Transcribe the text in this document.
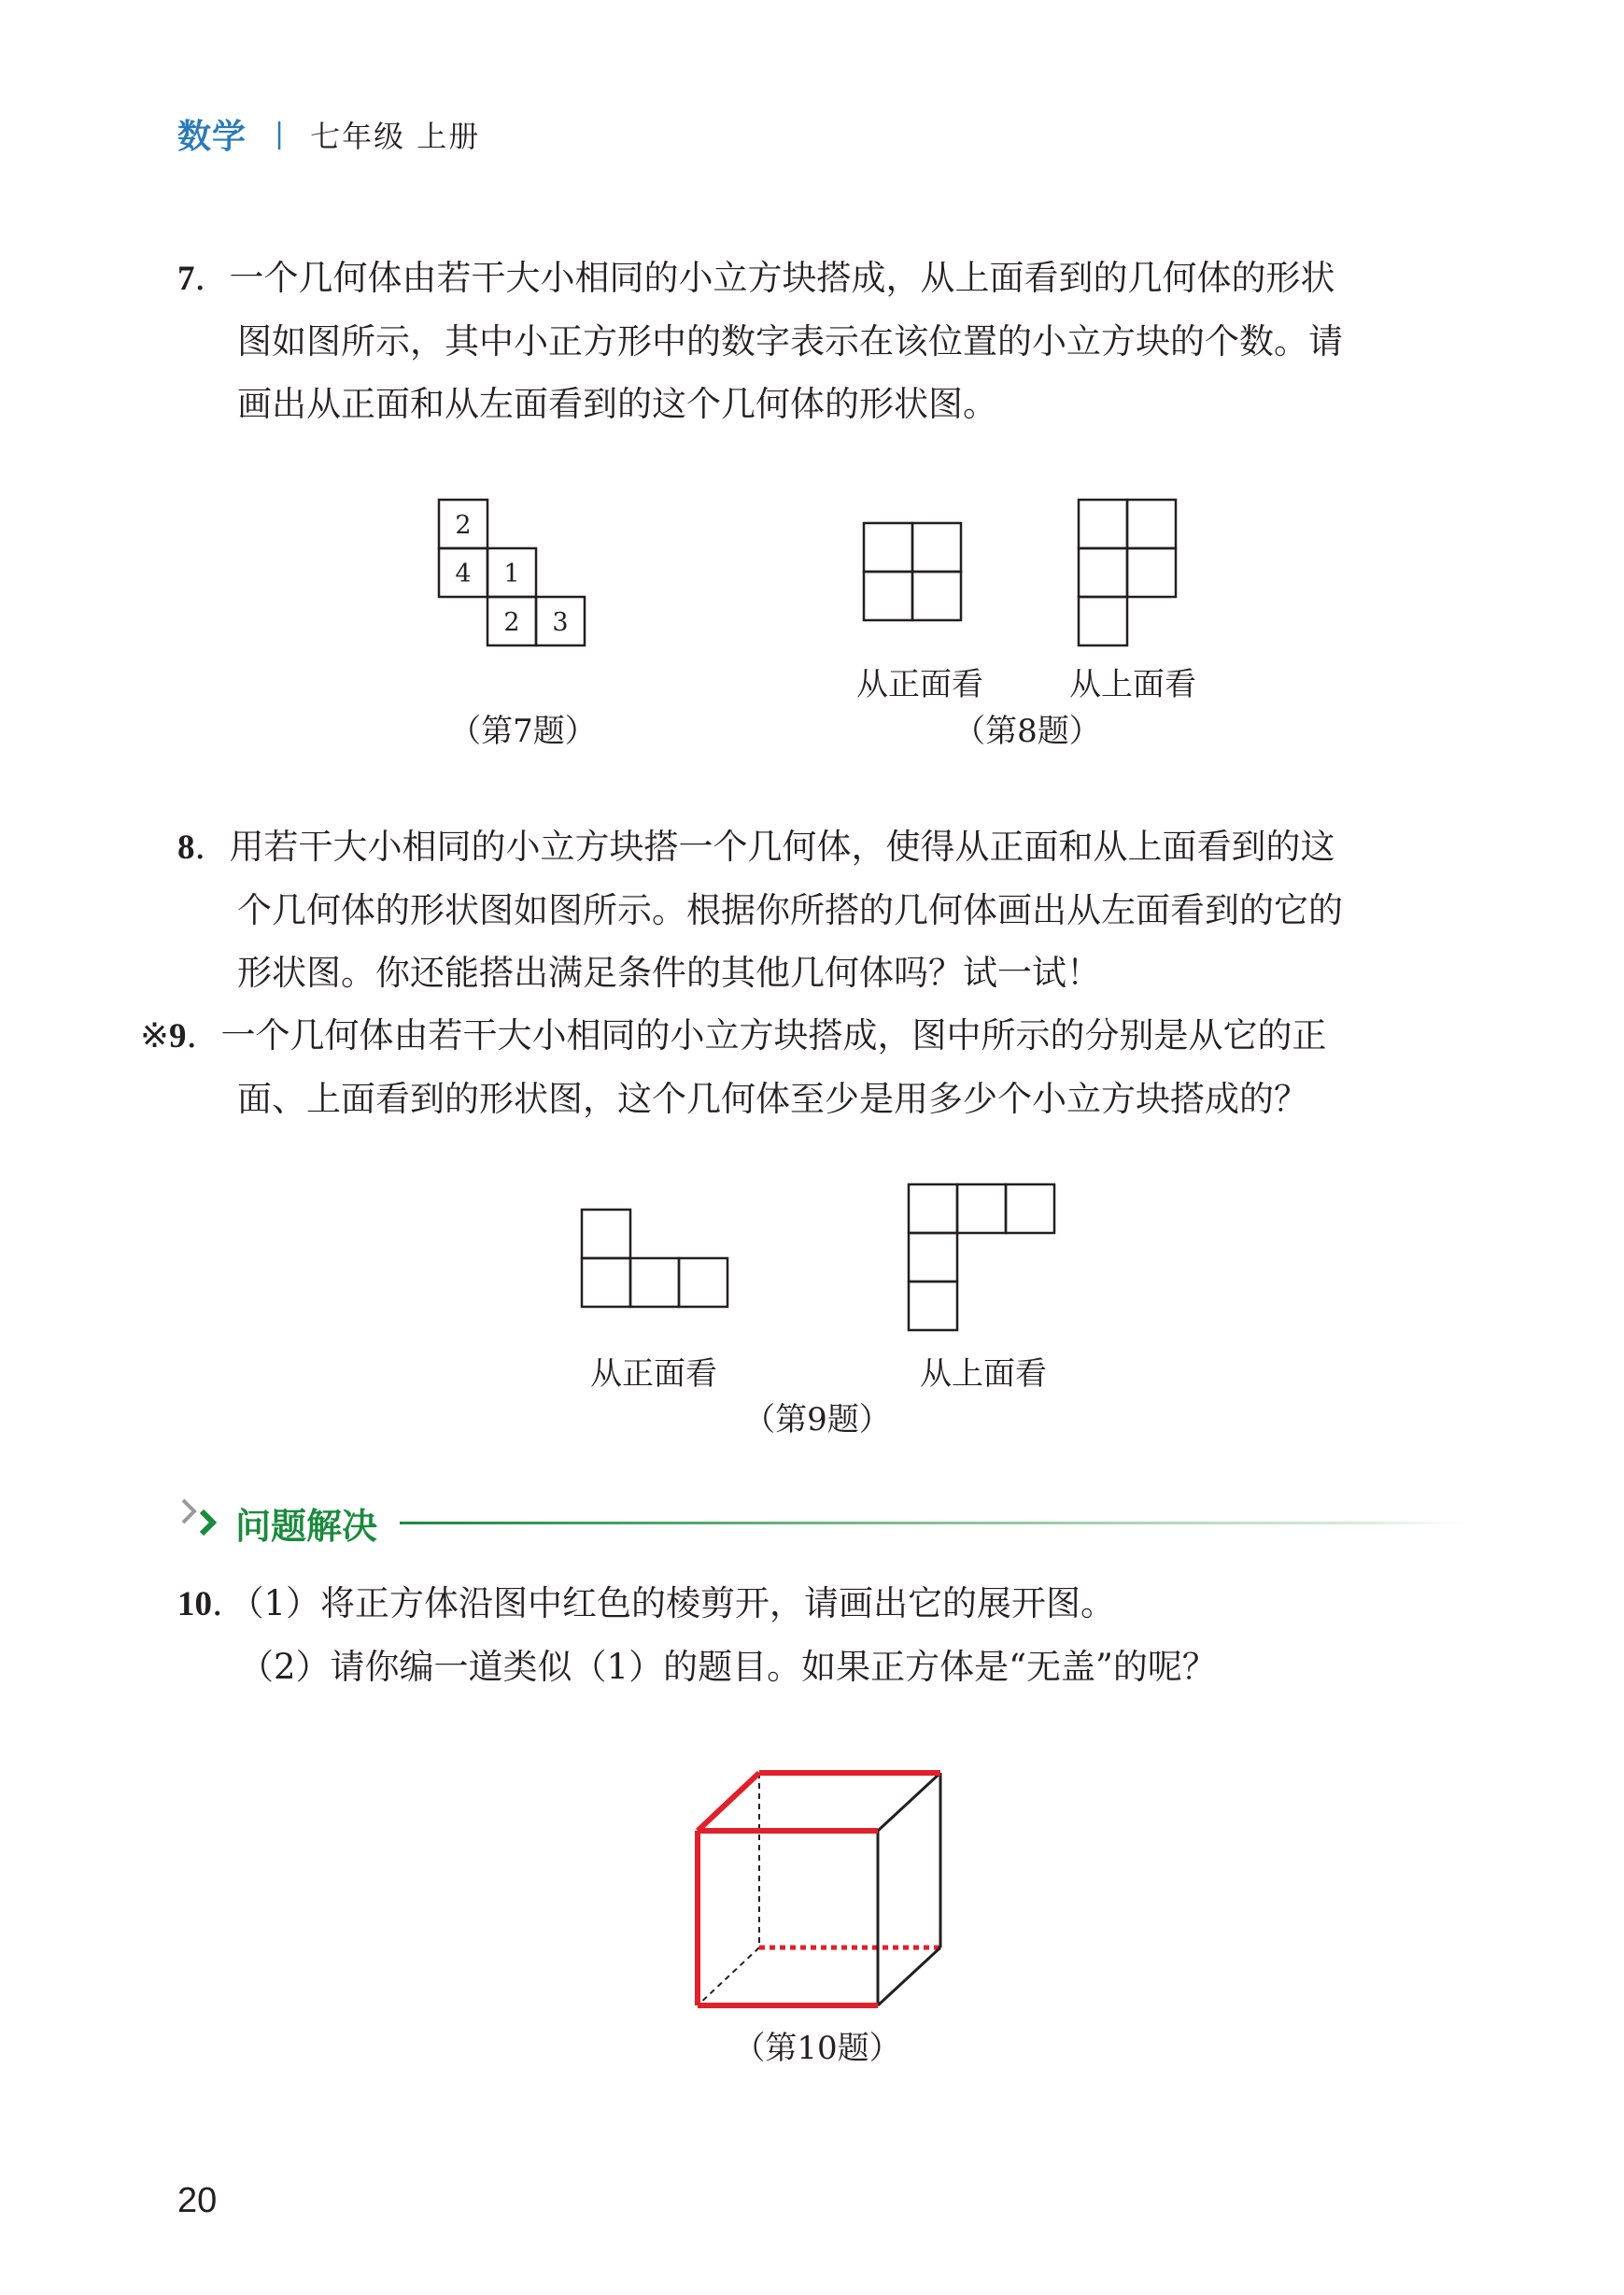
数学 | 七年级 上册
7．一个几何体由若干大小相同的小立方块搭成，从上面看到的几何体的形状
图如图所示，其中小正方形中的数字表示在该位置的小立方块的个数。请
画出从正面和从左面看到的这个几何体的形状图。
2
4 1
2 3
（第7题）
从正面看	从上面看
（第8题）
8．用若干大小相同的小立方块搭一个几何体，使得从正面和从上面看到的这
个几何体的形状图如图所示。根据你所搭的几何体画出从左面看到的它的
形状图。你还能搭出满足条件的其他几何体吗？试一试！
※9．一个几何体由若干大小相同的小立方块搭成，图中所示的分别是从它的正
面、上面看到的形状图，这个几何体至少是用多少个小立方块搭成的？
从正面看	从上面看
（第9题）
问题解决
10．（1）将正方体沿图中红色的棱剪开，请画出它的展开图。
（2）请你编一道类似（1）的题目。如果正方体是“无盖”的呢？
（第10题）
20
